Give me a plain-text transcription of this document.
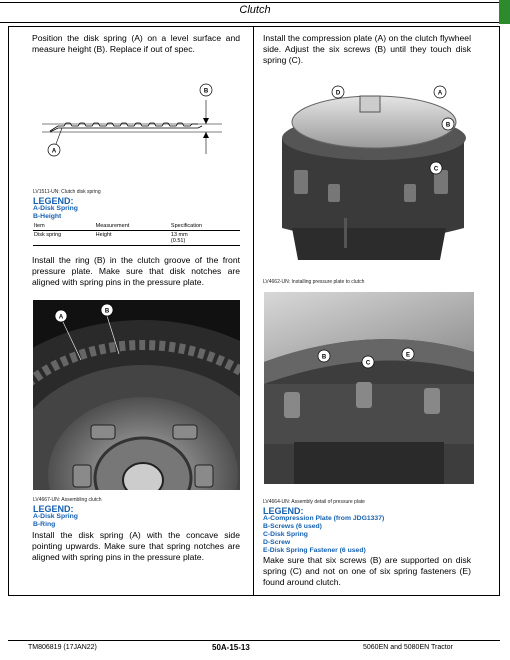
Clutch
Position the disk spring (A) on a level surface and measure height (B). Replace if out of spec.
B
A
LV1511-UN: Clutch disk spring
LEGEND:
A-Disk Spring
B-Height
Item	Measurement	Specification
Disk spring	Height	13 mm
(0.51)
Install the ring (B) in the clutch groove of the front pressure plate. Make sure that disk notches are aligned with spring pins in the pressure plate.
A
B
LV4667-UN: Assembling clutch
LEGEND:
A-Disk Spring
B-Ring
Install the disk spring (A) with the concave side pointing upwards. Make sure that spring notches are aligned with spring pins in the pressure plate.
Install the compression plate (A) on the clutch flywheel side. Adjust the six screws (B) until they touch disk spring (C).
D	A
B
C
LV4662-UN: Installing pressure plate to clutch
B
C
E
LV4664-UN: Assembly detail of pressure plate
LEGEND:
A-Compression Plate (from JDG1337)
B-Screws (6 used)
C-Disk Spring
D-Screw
E-Disk Spring Fastener (6 used)
Make sure that six screws (B) are supported on disk spring (C) and not on one of six spring fasteners (E) found around clutch.
TM806819 (17JAN22)	50A-15-13	5060EN and 5080EN Tractor
